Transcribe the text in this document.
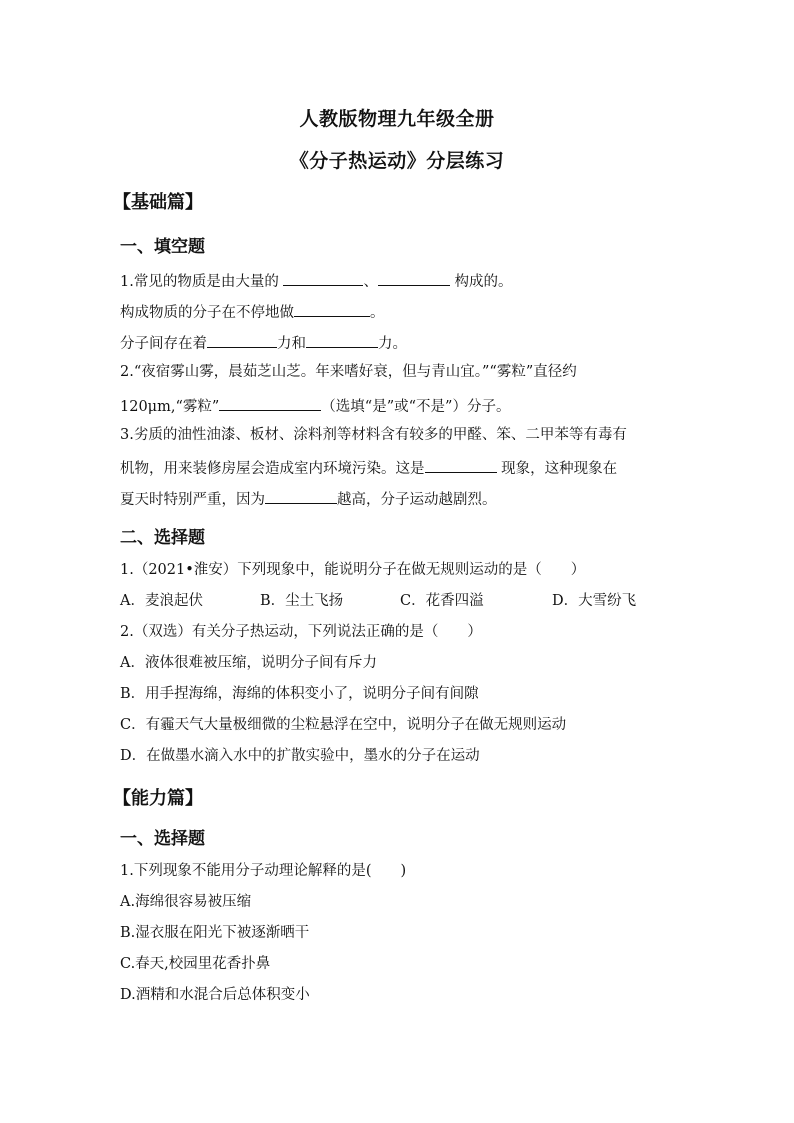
人教版物理九年级全册
《分子热运动》分层练习
【基础篇】
一、填空题
1.常见的物质是由大量的	、	构成的。
构成物质的分子在不停地做	。
分子间存在着	力和	力。
2.“夜宿雾山雾，晨茹芝山芝。年来嗜好衰，但与青山宜。”“雾粒”直径约
120μm,“雾粒”	（选填“是”或“不是”）分子。
3.劣质的油性油漆、板材、涂料剂等材料含有较多的甲醛、笨、二甲苯等有毒有
机物，用来装修房屋会造成室内环境污染。这是	现象，这种现象在
夏天时特别严重，因为	越高，分子运动越剧烈。
二、选择题
1.（2021•淮安）下列现象中，能说明分子在做无规则运动的是（　　）
A．麦浪起伏	B．尘土飞扬	C．花香四溢	D．大雪纷飞
2.（双选）有关分子热运动，下列说法正确的是（　　）
A．液体很难被压缩，说明分子间有斥力
B．用手捏海绵，海绵的体积变小了，说明分子间有间隙
C．有霾天气大量极细微的尘粒悬浮在空中，说明分子在做无规则运动
D．在做墨水滴入水中的扩散实验中，墨水的分子在运动
【能力篇】
一、选择题
1.下列现象不能用分子动理论解释的是(　　)
A.海绵很容易被压缩
B.湿衣服在阳光下被逐渐晒干
C.春天,校园里花香扑鼻
D.酒精和水混合后总体积变小
